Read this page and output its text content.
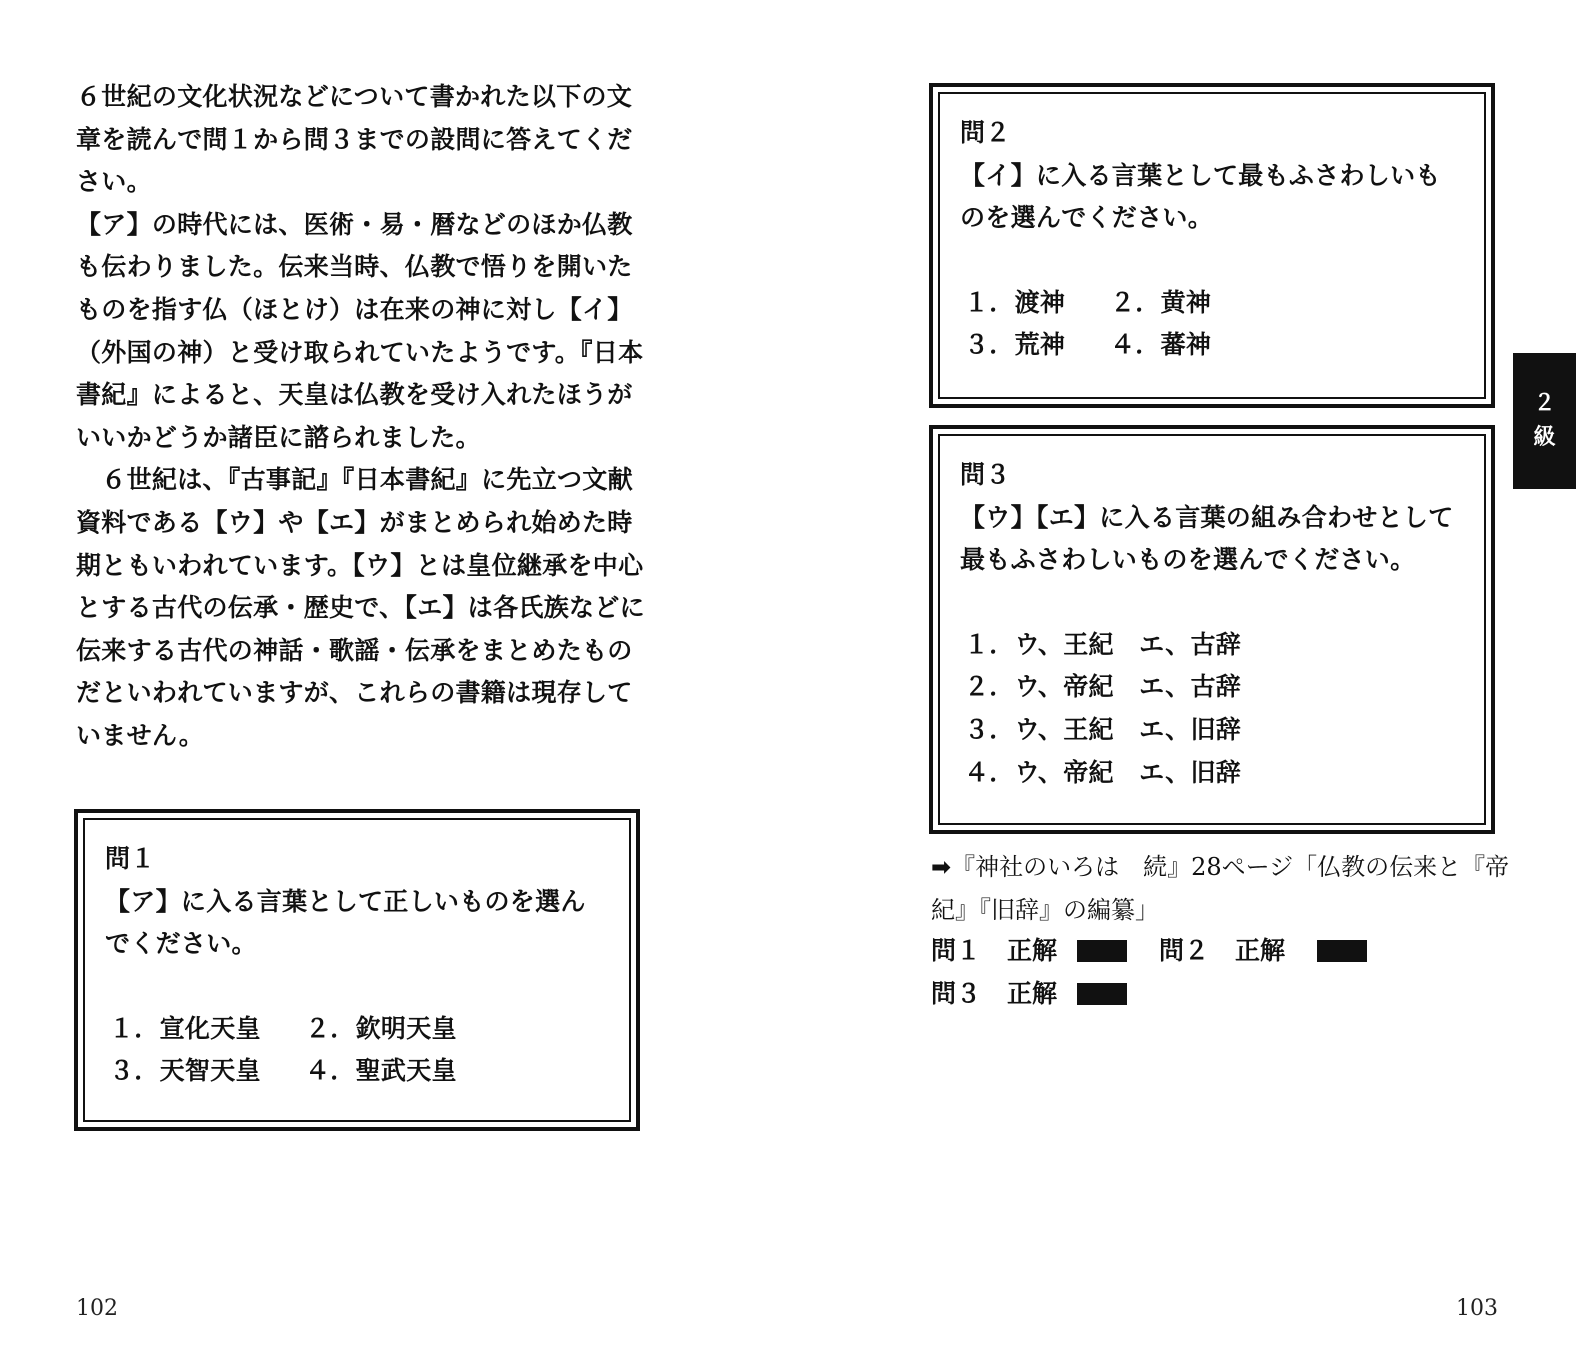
６世紀の文化状況などについて書かれた以下の文章を読んで問１から問３までの設問に答えてください。

【ア】の時代には、医術・易・暦などのほか仏教も伝わりました。伝来当時、仏教で悟りを開いたものを指す仏（ほとけ）は在来の神に対し【イ】（外国の神）と受け取られていたようです。『日本書紀』によると、天皇は仏教を受け入れたほうがいいかどうか諸臣に諮られました。

　６世紀は、『古事記』『日本書紀』に先立つ文献資料である【ウ】や【エ】がまとめられ始めた時期ともいわれています。【ウ】とは皇位継承を中心とする古代の伝承・歴史で、【エ】は各氏族などに伝来する古代の神話・歌謡・伝承をまとめたものだといわれていますが、これらの書籍は現存していません。

問１

【ア】に入る言葉として正しいものを選んでください。

１．宣化天皇	２．欽明天皇
３．天智天皇	４．聖武天皇

問２

【イ】に入る言葉として最もふさわしいものを選んでください。

１．渡神	２．黄神
３．荒神	４．蕃神

問３

【ウ】【エ】に入る言葉の組み合わせとして最もふさわしいものを選んでください。

１．ウ、王紀　エ、古辞
２．ウ、帝紀　エ、古辞
３．ウ、王紀　エ、旧辞
４．ウ、帝紀　エ、旧辞
➡『神社のいろは　続』28ページ「仏教の伝来と『帝紀』『旧辞』の編纂」
問１ 正解	問２ 正解
問３ 正解
２
級
102	103
